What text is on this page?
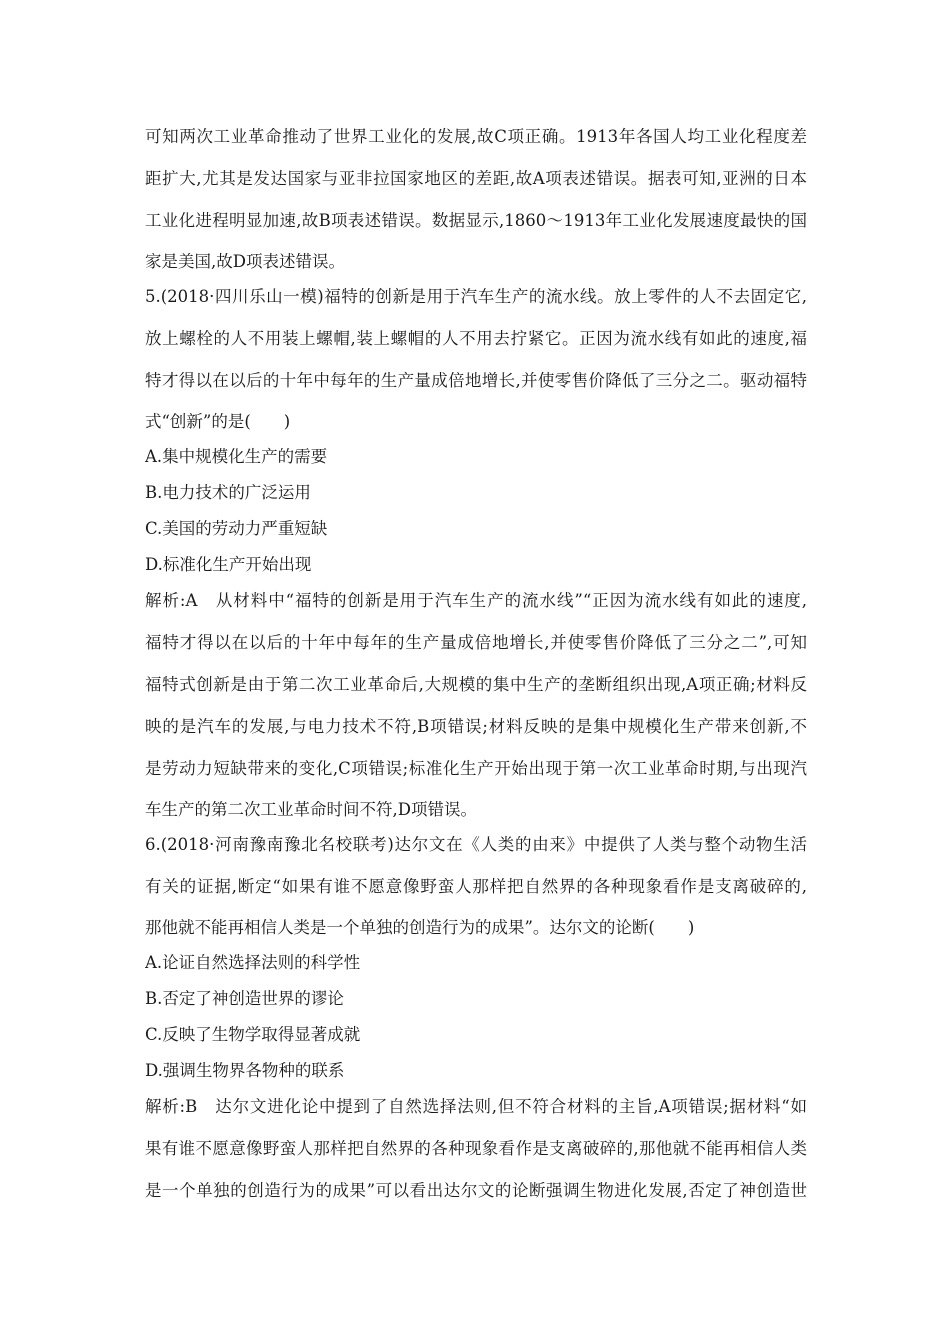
可知两次工业革命推动了世界工业化的发展,故C项正确。1913年各国人均工业化程度差
距扩大,尤其是发达国家与亚非拉国家地区的差距,故A项表述错误。据表可知,亚洲的日本
工业化进程明显加速,故B项表述错误。数据显示,1860～1913年工业化发展速度最快的国
家是美国,故D项表述错误。
5.(2018·四川乐山一模)福特的创新是用于汽车生产的流水线。放上零件的人不去固定它,
放上螺栓的人不用装上螺帽,装上螺帽的人不用去拧紧它。正因为流水线有如此的速度,福
特才得以在以后的十年中每年的生产量成倍地增长,并使零售价降低了三分之二。驱动福特
式“创新”的是(　　)
A.集中规模化生产的需要
B.电力技术的广泛运用
C.美国的劳动力严重短缺
D.标准化生产开始出现
解析:A　从材料中“福特的创新是用于汽车生产的流水线”“正因为流水线有如此的速度,
福特才得以在以后的十年中每年的生产量成倍地增长,并使零售价降低了三分之二”,可知
福特式创新是由于第二次工业革命后,大规模的集中生产的垄断组织出现,A项正确;材料反
映的是汽车的发展,与电力技术不符,B项错误;材料反映的是集中规模化生产带来创新,不
是劳动力短缺带来的变化,C项错误;标准化生产开始出现于第一次工业革命时期,与出现汽
车生产的第二次工业革命时间不符,D项错误。
6.(2018·河南豫南豫北名校联考)达尔文在《人类的由来》中提供了人类与整个动物生活
有关的证据,断定“如果有谁不愿意像野蛮人那样把自然界的各种现象看作是支离破碎的,
那他就不能再相信人类是一个单独的创造行为的成果”。达尔文的论断(　　)
A.论证自然选择法则的科学性
B.否定了神创造世界的谬论
C.反映了生物学取得显著成就
D.强调生物界各物种的联系
解析:B　达尔文进化论中提到了自然选择法则,但不符合材料的主旨,A项错误;据材料“如
果有谁不愿意像野蛮人那样把自然界的各种现象看作是支离破碎的,那他就不能再相信人类
是一个单独的创造行为的成果”可以看出达尔文的论断强调生物进化发展,否定了神创造世
